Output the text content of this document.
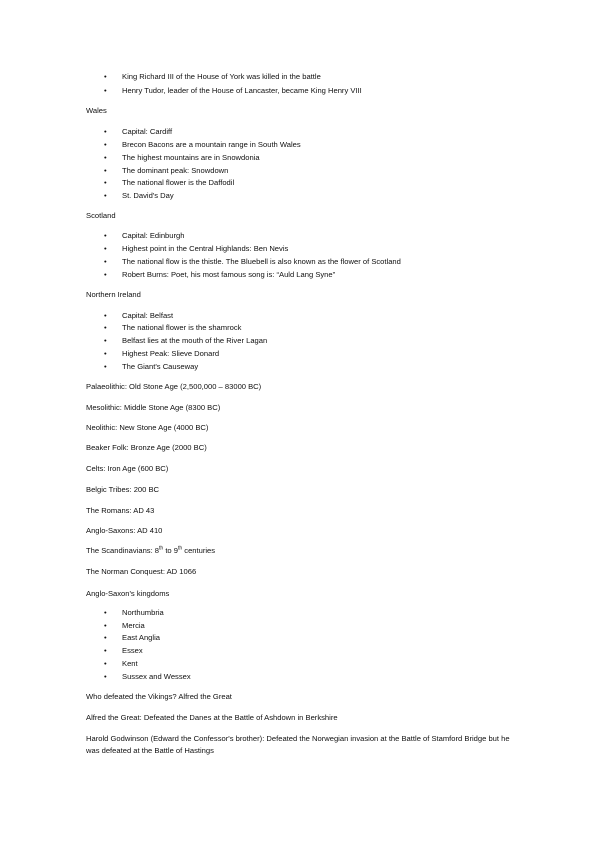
• King Richard III of the House of York was killed in the battle
• Henry Tudor, leader of the House of Lancaster, became King Henry VIII
Wales
• Capital: Cardiff
• Brecon Bacons are a mountain range in South Wales
• The highest mountains are in Snowdonia
• The dominant peak: Snowdown
• The national flower is the Daffodil
• St. David's Day
Scotland
• Capital: Edinburgh
• Highest point in the Central Highlands: Ben Nevis
• The national flow is the thistle. The Bluebell is also known as the flower of Scotland
• Robert Burns: Poet, his most famous song is: “Auld Lang Syne”
Northern Ireland
• Capital: Belfast
• The national flower is the shamrock
• Belfast lies at the mouth of the River Lagan
• Highest Peak: Slieve Donard
• The Giant's Causeway
Palaeolithic: Old Stone Age (2,500,000 – 83000 BC)
Mesolithic: Middle Stone Age (8300 BC)
Neolithic: New Stone Age (4000 BC)
Beaker Folk: Bronze Age (2000 BC)
Celts: Iron Age (600 BC)
Belgic Tribes: 200 BC
The Romans: AD 43
Anglo-Saxons: AD 410
The Scandinavians: 8th to 9th centuries
The Norman Conquest: AD 1066
Anglo-Saxon's kingdoms
• Northumbria
• Mercia
• East Anglia
• Essex
• Kent
• Sussex and Wessex
Who defeated the Vikings? Alfred the Great
Alfred the Great: Defeated the Danes at the Battle of Ashdown in Berkshire
Harold Godwinson (Edward the Confessor's brother): Defeated the Norwegian invasion at the Battle of Stamford Bridge but he was defeated at the Battle of Hastings
